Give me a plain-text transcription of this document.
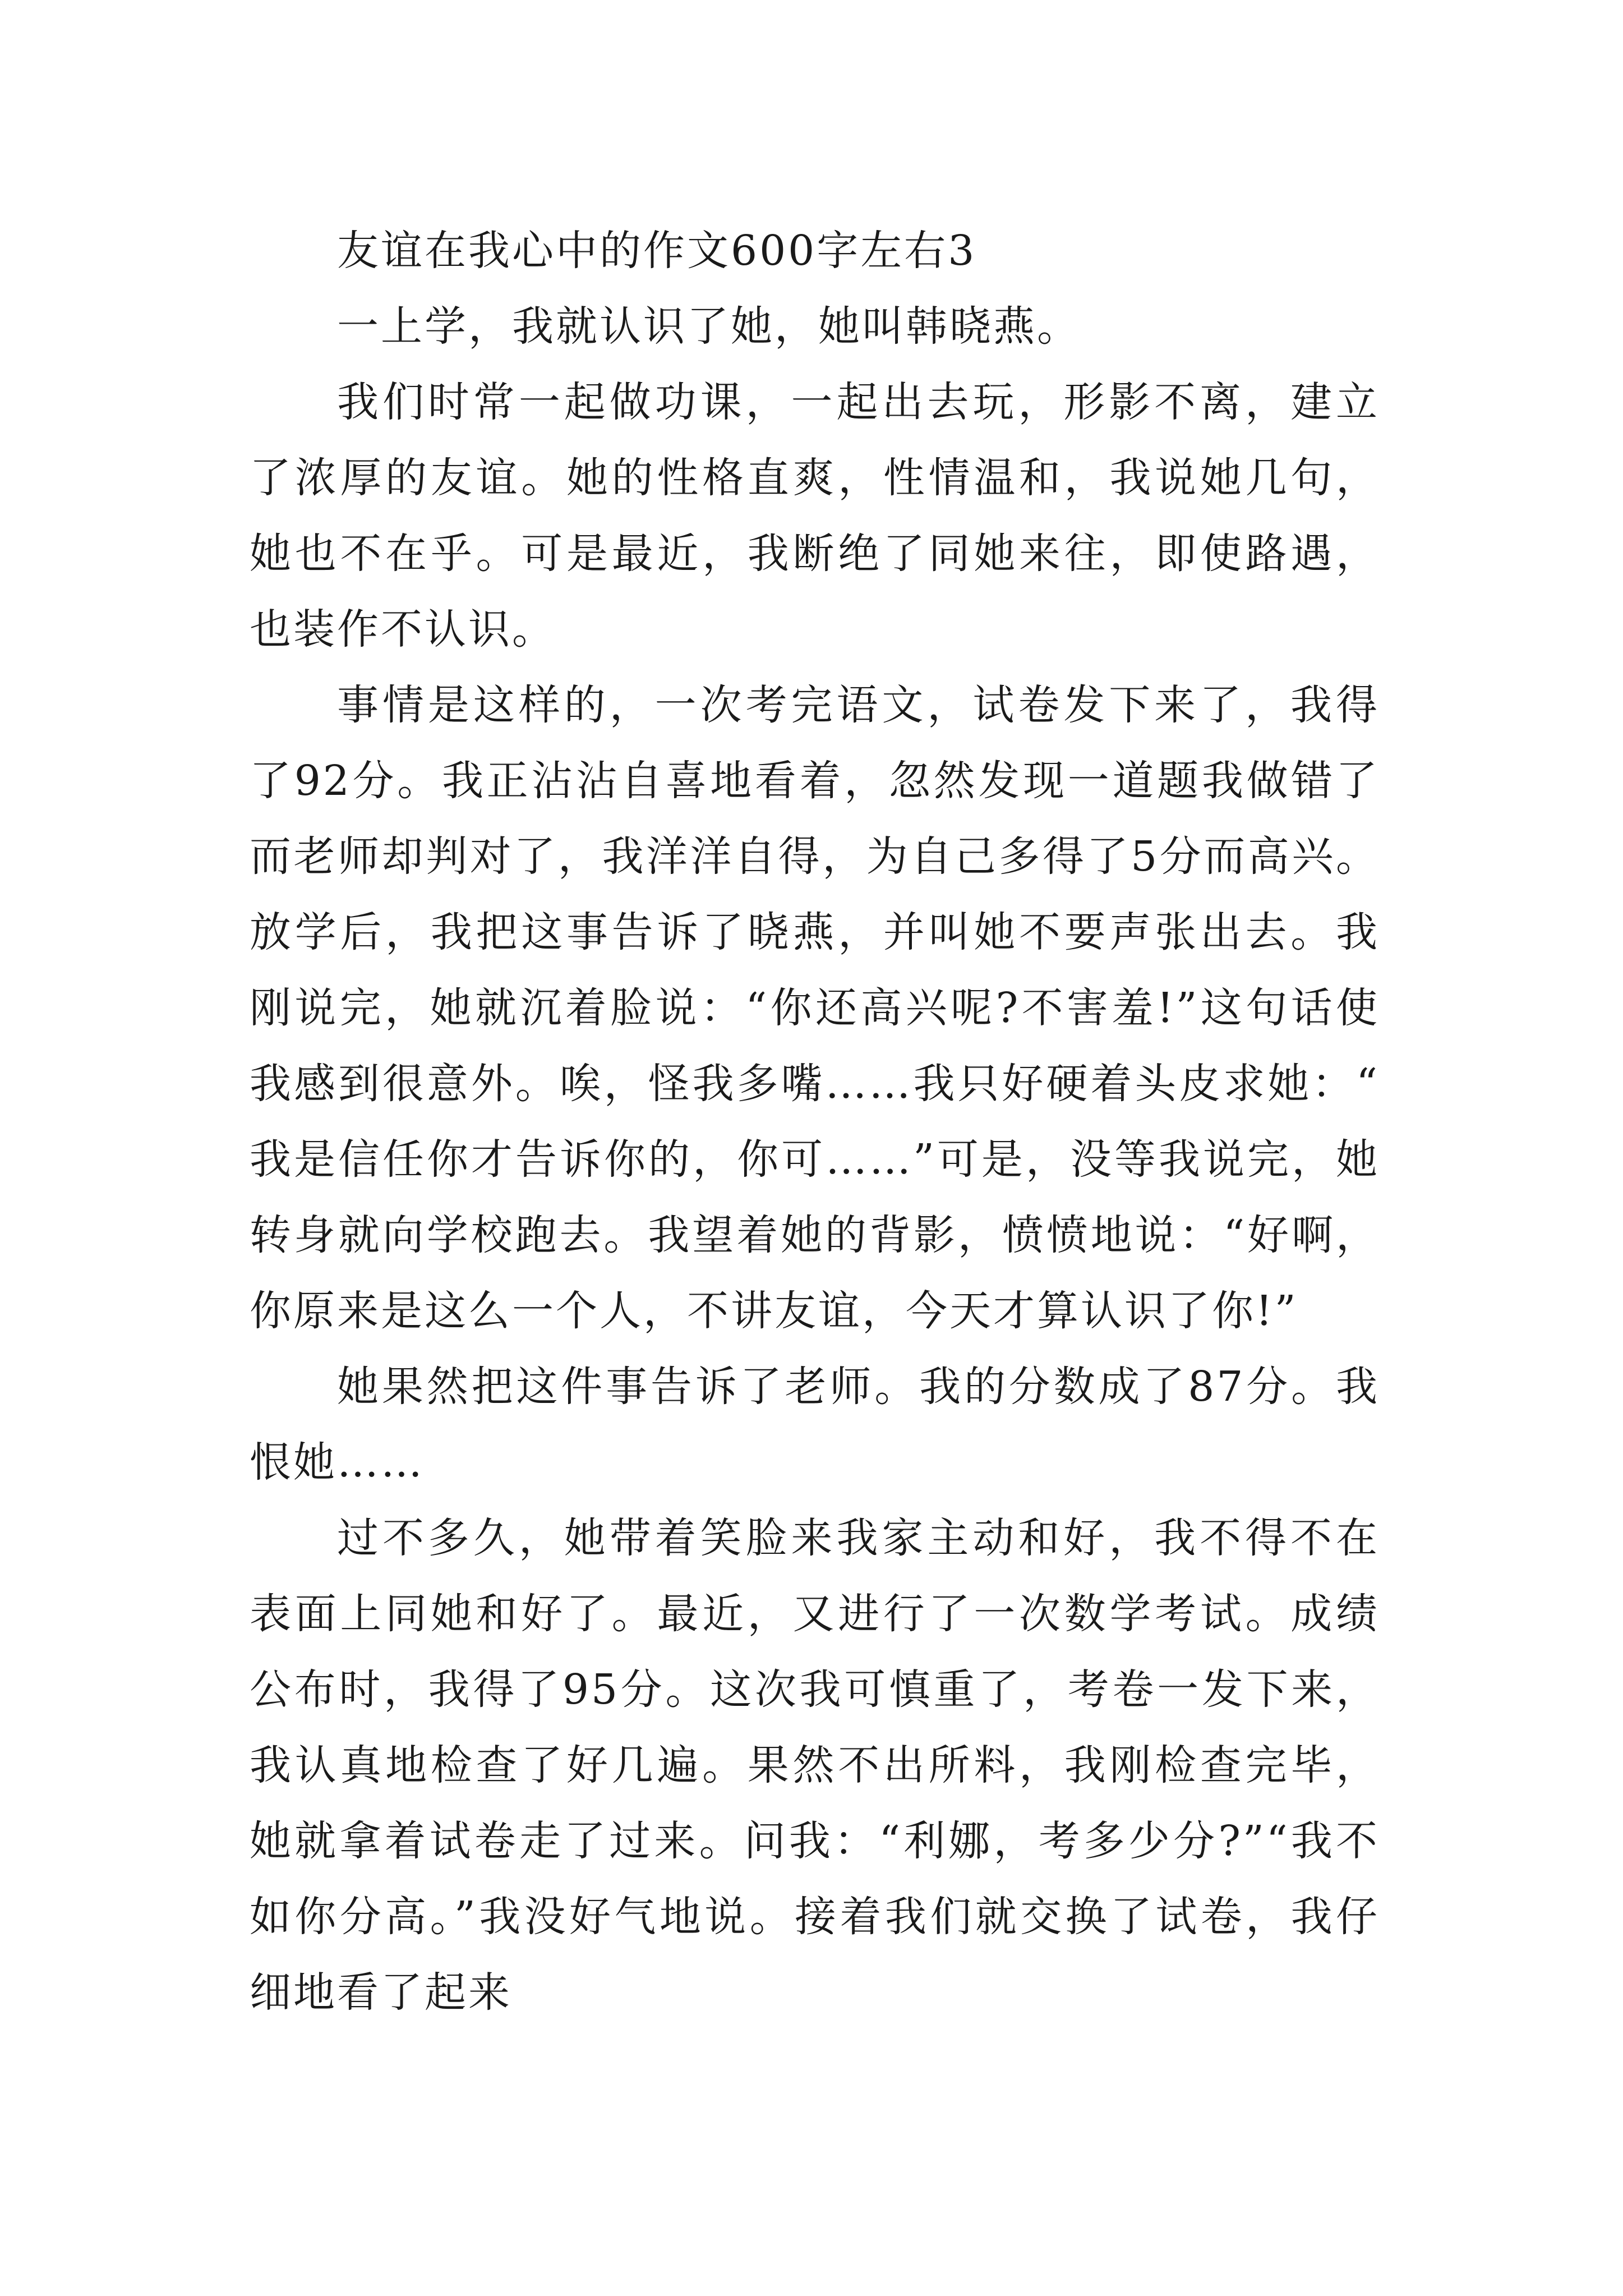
友谊在我心中的作文600字左右3

一上学，我就认识了她，她叫韩晓燕。

我们时常一起做功课，一起出去玩，形影不离，建立了浓厚的友谊。她的性格直爽，性情温和，我说她几句，她也不在乎。可是最近，我断绝了同她来往，即使路遇，也装作不认识。

事情是这样的，一次考完语文，试卷发下来了，我得了92分。我正沾沾自喜地看着，忽然发现一道题我做错了而老师却判对了，我洋洋自得，为自己多得了5分而高兴。放学后，我把这事告诉了晓燕，并叫她不要声张出去。我刚说完，她就沉着脸说：“你还高兴呢?不害羞!”这句话使我感到很意外。唉，怪我多嘴……我只好硬着头皮求她：“我是信任你才告诉你的，你可……”可是，没等我说完，她转身就向学校跑去。我望着她的背影，愤愤地说：“好啊，你原来是这么一个人，不讲友谊，今天才算认识了你!”

她果然把这件事告诉了老师。我的分数成了87分。我恨她……

过不多久，她带着笑脸来我家主动和好，我不得不在表面上同她和好了。最近，又进行了一次数学考试。成绩公布时，我得了95分。这次我可慎重了，考卷一发下来，我认真地检查了好几遍。果然不出所料，我刚检查完毕，她就拿着试卷走了过来。问我：“利娜，考多少分?”“我不如你分高。”我没好气地说。接着我们就交换了试卷，我仔细地看了起来
